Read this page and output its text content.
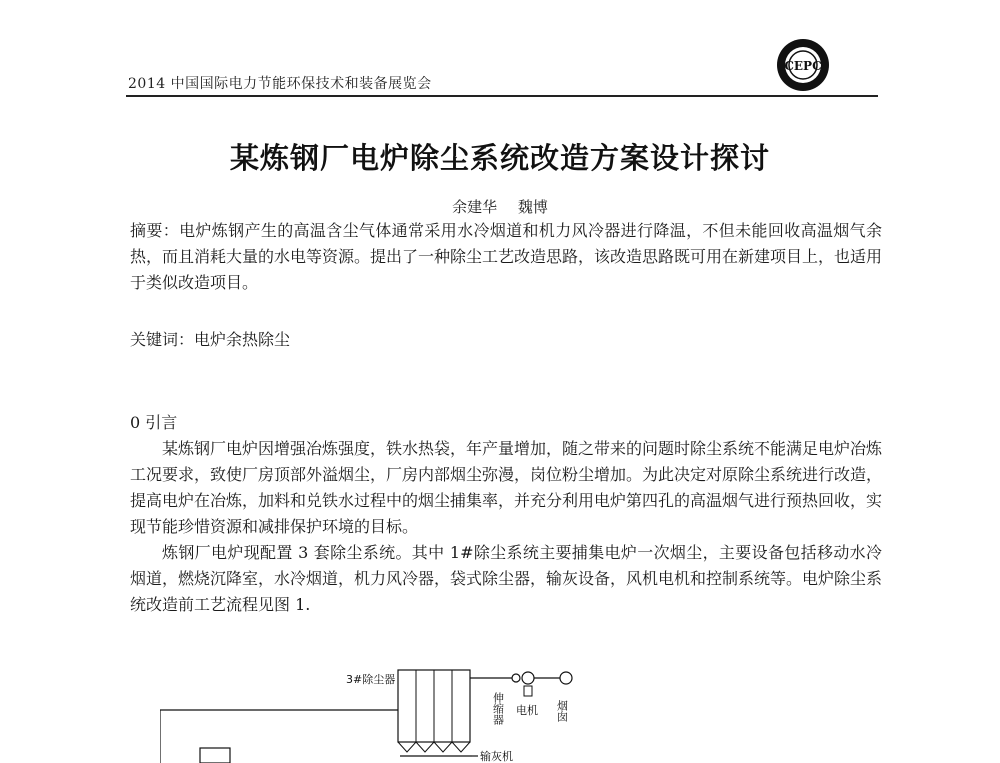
2014 中国国际电力节能环保技术和装备展览会
CEPC
某炼钢厂电炉除尘系统改造方案设计探讨
余建华 魏博
摘要：电炉炼钢产生的高温含尘气体通常采用水冷烟道和机力风冷器进行降温，不但未能回收高温烟气余热，而且消耗大量的水电等资源。提出了一种除尘工艺改造思路，该改造思路既可用在新建项目上，也适用于类似改造项目。
关键词：电炉余热除尘
0 引言
某炼钢厂电炉因增强冶炼强度，铁水热袋，年产量增加，随之带来的问题时除尘系统不能满足电炉冶炼工况要求，致使厂房顶部外溢烟尘，厂房内部烟尘弥漫，岗位粉尘增加。为此决定对原除尘系统进行改造，提高电炉在冶炼，加料和兑铁水过程中的烟尘捕集率，并充分利用电炉第四孔的高温烟气进行预热回收，实现节能珍惜资源和减排保护环境的目标。
炼钢厂电炉现配置 3 套除尘系统。其中 1#除尘系统主要捕集电炉一次烟尘，主要设备包括移动水冷烟道，燃烧沉降室，水冷烟道，机力风冷器，袋式除尘器，输灰设备，风机电机和控制系统等。电炉除尘系统改造前工艺流程见图 1.
3#除尘器
伸缩器 电机 烟囱
输灰机
